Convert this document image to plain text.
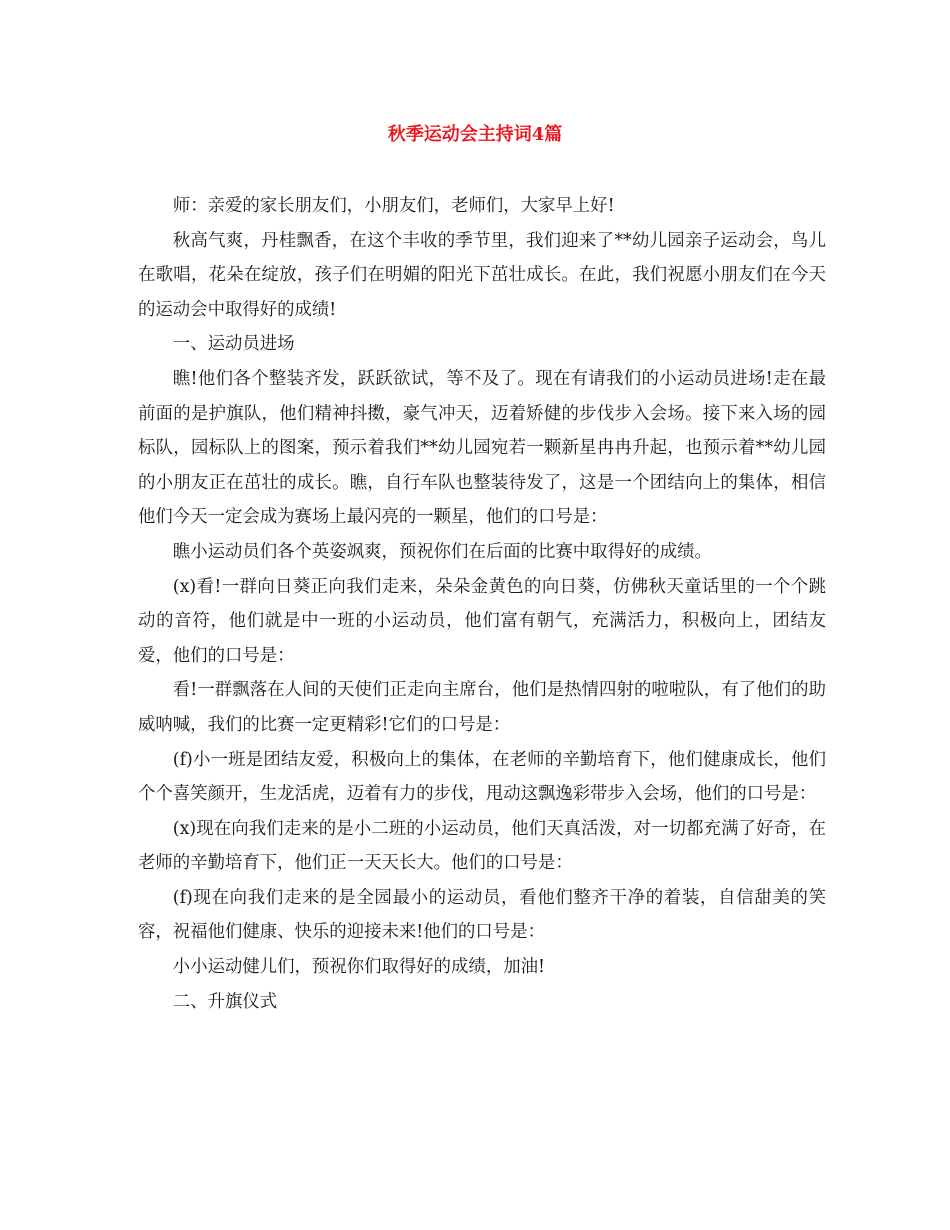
秋季运动会主持词4篇

师：亲爱的家长朋友们，小朋友们，老师们，大家早上好!

秋高气爽，丹桂飘香，在这个丰收的季节里，我们迎来了**幼儿园亲子运动会，鸟儿在歌唱，花朵在绽放，孩子们在明媚的阳光下茁壮成长。在此，我们祝愿小朋友们在今天的运动会中取得好的成绩!

一、运动员进场

瞧!他们各个整装齐发，跃跃欲试，等不及了。现在有请我们的小运动员进场!走在最前面的是护旗队，他们精神抖擞，豪气冲天，迈着矫健的步伐步入会场。接下来入场的园标队，园标队上的图案，预示着我们**幼儿园宛若一颗新星冉冉升起，也预示着**幼儿园的小朋友正在茁壮的成长。瞧，自行车队也整装待发了，这是一个团结向上的集体，相信他们今天一定会成为赛场上最闪亮的一颗星，他们的口号是：

瞧小运动员们各个英姿飒爽，预祝你们在后面的比赛中取得好的成绩。

(x)看!一群向日葵正向我们走来，朵朵金黄色的向日葵，仿佛秋天童话里的一个个跳动的音符，他们就是中一班的小运动员，他们富有朝气，充满活力，积极向上，团结友爱，他们的口号是：

看!一群飘落在人间的天使们正走向主席台，他们是热情四射的啦啦队，有了他们的助威呐喊，我们的比赛一定更精彩!它们的口号是：

(f)小一班是团结友爱，积极向上的集体，在老师的辛勤培育下，他们健康成长，他们个个喜笑颜开，生龙活虎，迈着有力的步伐，甩动这飘逸彩带步入会场，他们的口号是：

(x)现在向我们走来的是小二班的小运动员，他们天真活泼，对一切都充满了好奇，在老师的辛勤培育下，他们正一天天长大。他们的口号是：

(f)现在向我们走来的是全园最小的运动员，看他们整齐干净的着装，自信甜美的笑容，祝福他们健康、快乐的迎接未来!他们的口号是：

小小运动健儿们，预祝你们取得好的成绩，加油!

二、升旗仪式
